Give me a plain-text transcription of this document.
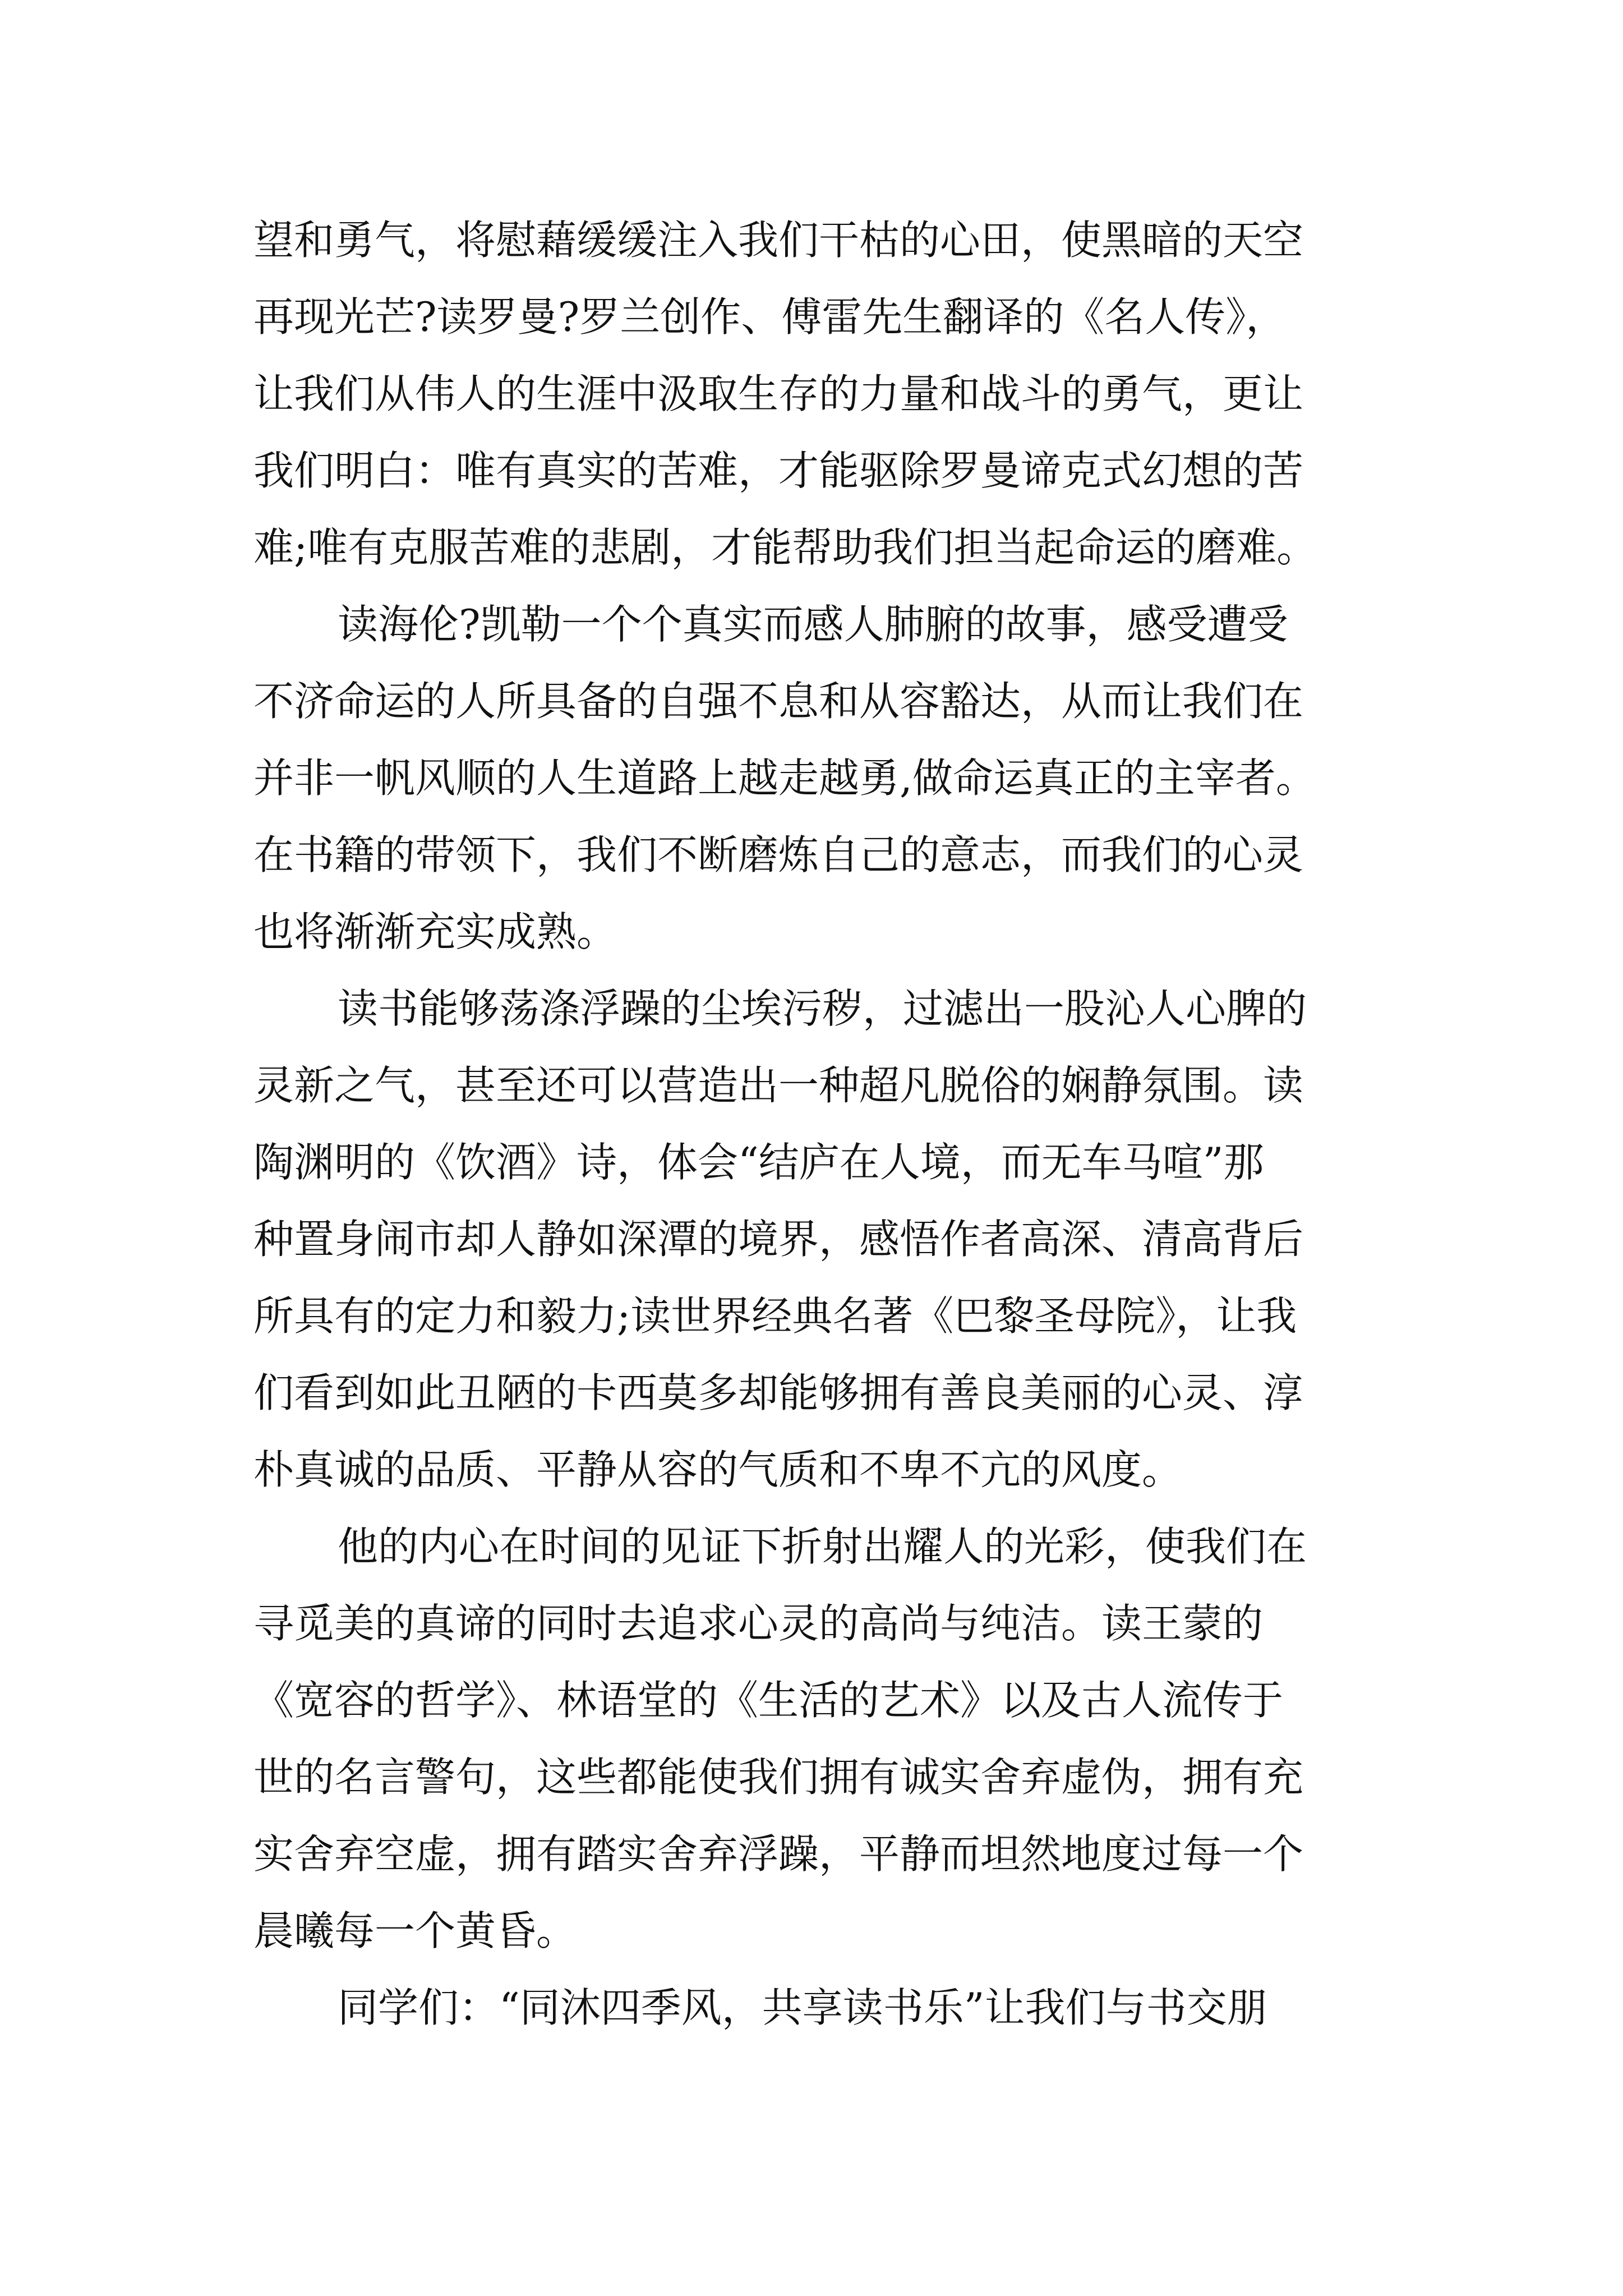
望和勇气，将慰藉缓缓注入我们干枯的心田，使黑暗的天空
再现光芒?读罗曼?罗兰创作、傅雷先生翻译的《名人传》，
让我们从伟人的生涯中汲取生存的力量和战斗的勇气，更让
我们明白：唯有真实的苦难，才能驱除罗曼谛克式幻想的苦
难;唯有克服苦难的悲剧，才能帮助我们担当起命运的磨难。
读海伦?凯勒一个个真实而感人肺腑的故事，感受遭受
不济命运的人所具备的自强不息和从容豁达，从而让我们在
并非一帆风顺的人生道路上越走越勇,做命运真正的主宰者。
在书籍的带领下，我们不断磨炼自己的意志，而我们的心灵
也将渐渐充实成熟。
读书能够荡涤浮躁的尘埃污秽，过滤出一股沁人心脾的
灵新之气，甚至还可以营造出一种超凡脱俗的娴静氛围。读
陶渊明的《饮酒》诗，体会“结庐在人境，而无车马喧”那
种置身闹市却人静如深潭的境界，感悟作者高深、清高背后
所具有的定力和毅力;读世界经典名著《巴黎圣母院》，让我
们看到如此丑陋的卡西莫多却能够拥有善良美丽的心灵、淳
朴真诚的品质、平静从容的气质和不卑不亢的风度。
他的内心在时间的见证下折射出耀人的光彩，使我们在
寻觅美的真谛的同时去追求心灵的高尚与纯洁。读王蒙的
《宽容的哲学》、林语堂的《生活的艺术》以及古人流传于
世的名言警句，这些都能使我们拥有诚实舍弃虚伪，拥有充
实舍弃空虚，拥有踏实舍弃浮躁，平静而坦然地度过每一个
晨曦每一个黄昏。
同学们：“同沐四季风，共享读书乐”让我们与书交朋
